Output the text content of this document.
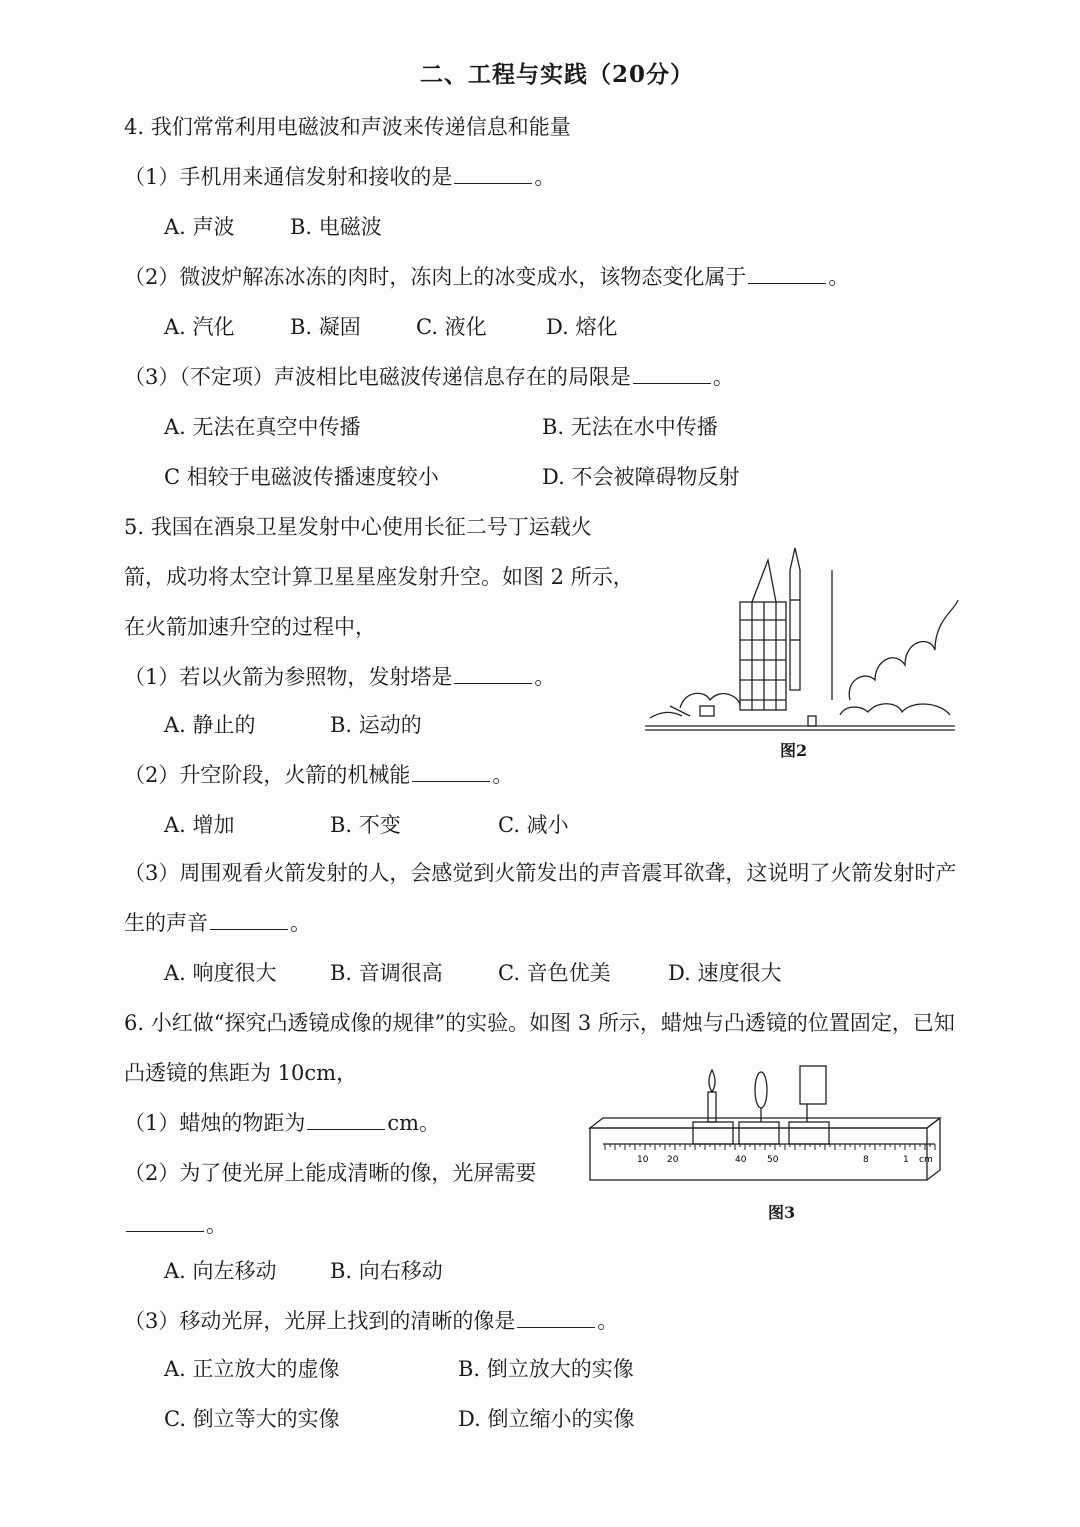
二、工程与实践（20分）
4. 我们常常利用电磁波和声波来传递信息和能量
（1）手机用来通信发射和接收的是	。
A. 声波	B. 电磁波
（2）微波炉解冻冰冻的肉时，冻肉上的冰变成水，该物态变化属于	。
A. 汽化	B. 凝固	C. 液化	D. 熔化
（3）（不定项）声波相比电磁波传递信息存在的局限是	。
A. 无法在真空中传播	B. 无法在水中传播
C 相较于电磁波传播速度较小	D. 不会被障碍物反射
5. 我国在酒泉卫星发射中心使用长征二号丁运载火
箭，成功将太空计算卫星星座发射升空。如图 2 所示，
在火箭加速升空的过程中，
（1）若以火箭为参照物，发射塔是	。
A. 静止的	B. 运动的
（2）升空阶段，火箭的机械能	。
A. 增加	B. 不变	C. 减小
（3）周围观看火箭发射的人，会感觉到火箭发出的声音震耳欲聋，这说明了火箭发射时产
生的声音	。
A. 响度很大	B. 音调很高	C. 音色优美	D. 速度很大
图2
6. 小红做“探究凸透镜成像的规律”的实验。如图 3 所示，蜡烛与凸透镜的位置固定，已知
凸透镜的焦距为 10cm，
（1）蜡烛的物距为	cm。
（2）为了使光屏上能成清晰的像，光屏需要
。
A. 向左移动	B. 向右移动
（3）移动光屏，光屏上找到的清晰的像是	。
A. 正立放大的虚像	B. 倒立放大的实像
C. 倒立等大的实像	D. 倒立缩小的实像
10 20	40 50	8	1 cm
图3
